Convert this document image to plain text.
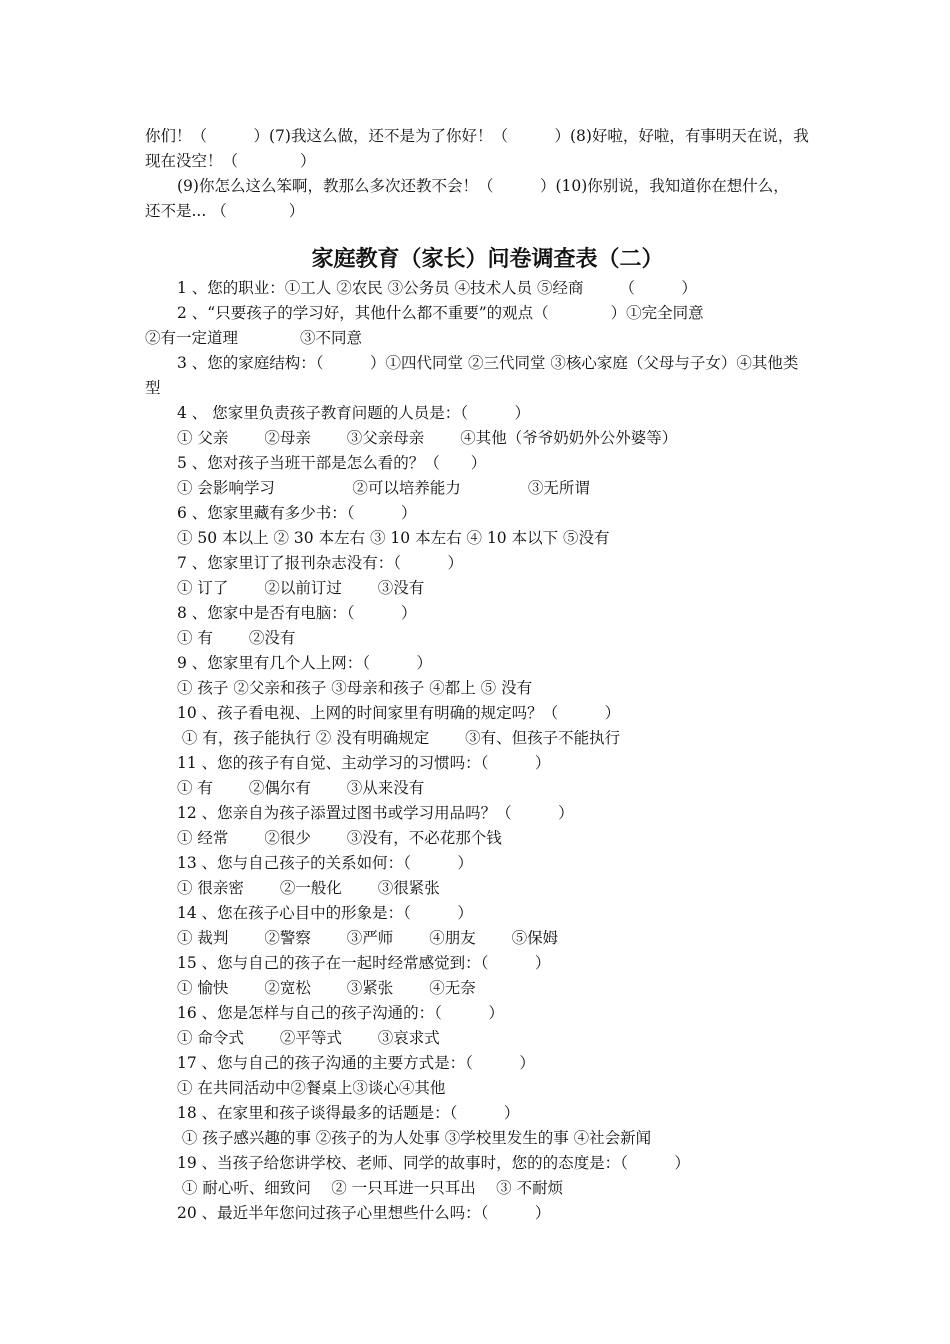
你们！（　　　）(7)我这么做，还不是为了你好！（　　　）(8)好啦，好啦，有事明天在说，我
现在没空！（　　　　）
(9)你怎么这么笨啊，教那么多次还教不会！（　　　）(10)你别说，我知道你在想什么，
还不是... （　　　　）
家庭教育（家长）问卷调查表（二）
1 、您的职业：①工人 ②农民 ③公务员 ④技术人员 ⑤经商　　 （　　　）
2 、“只要孩子的学习好，其他什么都不重要”的观点（　　　　）①完全同意
②有一定道理　　　　③不同意
3 、您的家庭结构：（　　　）①四代同堂 ②三代同堂 ③核心家庭（父母与子女）④其他类
型
4 、 您家里负责孩子教育问题的人员是：（　　　）
① 父亲　　 ②母亲　　 ③父亲母亲　　 ④其他（爷爷奶奶外公外婆等）
5 、您对孩子当班干部是怎么看的？（　　）
① 会影响学习　　　　　②可以培养能力　　　　 ③无所谓
6 、您家里藏有多少书：（　　　）
① 50 本以上 ② 30 本左右 ③ 10 本左右 ④ 10 本以下 ⑤没有
7 、您家里订了报刊杂志没有：（　　　）
① 订了　　 ②以前订过　　 ③没有
8 、您家中是否有电脑：（　　　）
① 有　　 ②没有
9 、您家里有几个人上网：（　　　）
① 孩子 ②父亲和孩子 ③母亲和孩子 ④都上 ⑤ 没有
10 、孩子看电视、上网的时间家里有明确的规定吗？（　　　）
① 有，孩子能执行 ② 没有明确规定　　 ③有、但孩子不能执行
11 、您的孩子有自觉、主动学习的习惯吗：（　　　）
① 有　　 ②偶尔有　　 ③从来没有
12 、您亲自为孩子添置过图书或学习用品吗？（　　　）
① 经常　　 ②很少　　 ③没有，不必花那个钱
13 、您与自己孩子的关系如何：（　　　）
① 很亲密　　 ②一般化　　 ③很紧张
14 、您在孩子心目中的形象是：（　　　）
① 裁判　　 ②警察　　 ③严师　　 ④朋友　　 ⑤保姆
15 、您与自己的孩子在一起时经常感觉到：（　　　）
① 愉快　　 ②宽松　　 ③紧张　　 ④无奈
16 、您是怎样与自己的孩子沟通的：（　　　）
① 命令式　　 ②平等式　　 ③哀求式
17 、您与自己的孩子沟通的主要方式是：（　　　）
① 在共同活动中②餐桌上③谈心④其他
18 、在家里和孩子谈得最多的话题是：（　　　）
① 孩子感兴趣的事 ②孩子的为人处事 ③学校里发生的事 ④社会新闻
19 、当孩子给您讲学校、老师、同学的故事时，您的的态度是：（　　　）
① 耐心听、细致问　 ② 一只耳进一只耳出　 ③ 不耐烦
20 、最近半年您问过孩子心里想些什么吗：（　　　）
